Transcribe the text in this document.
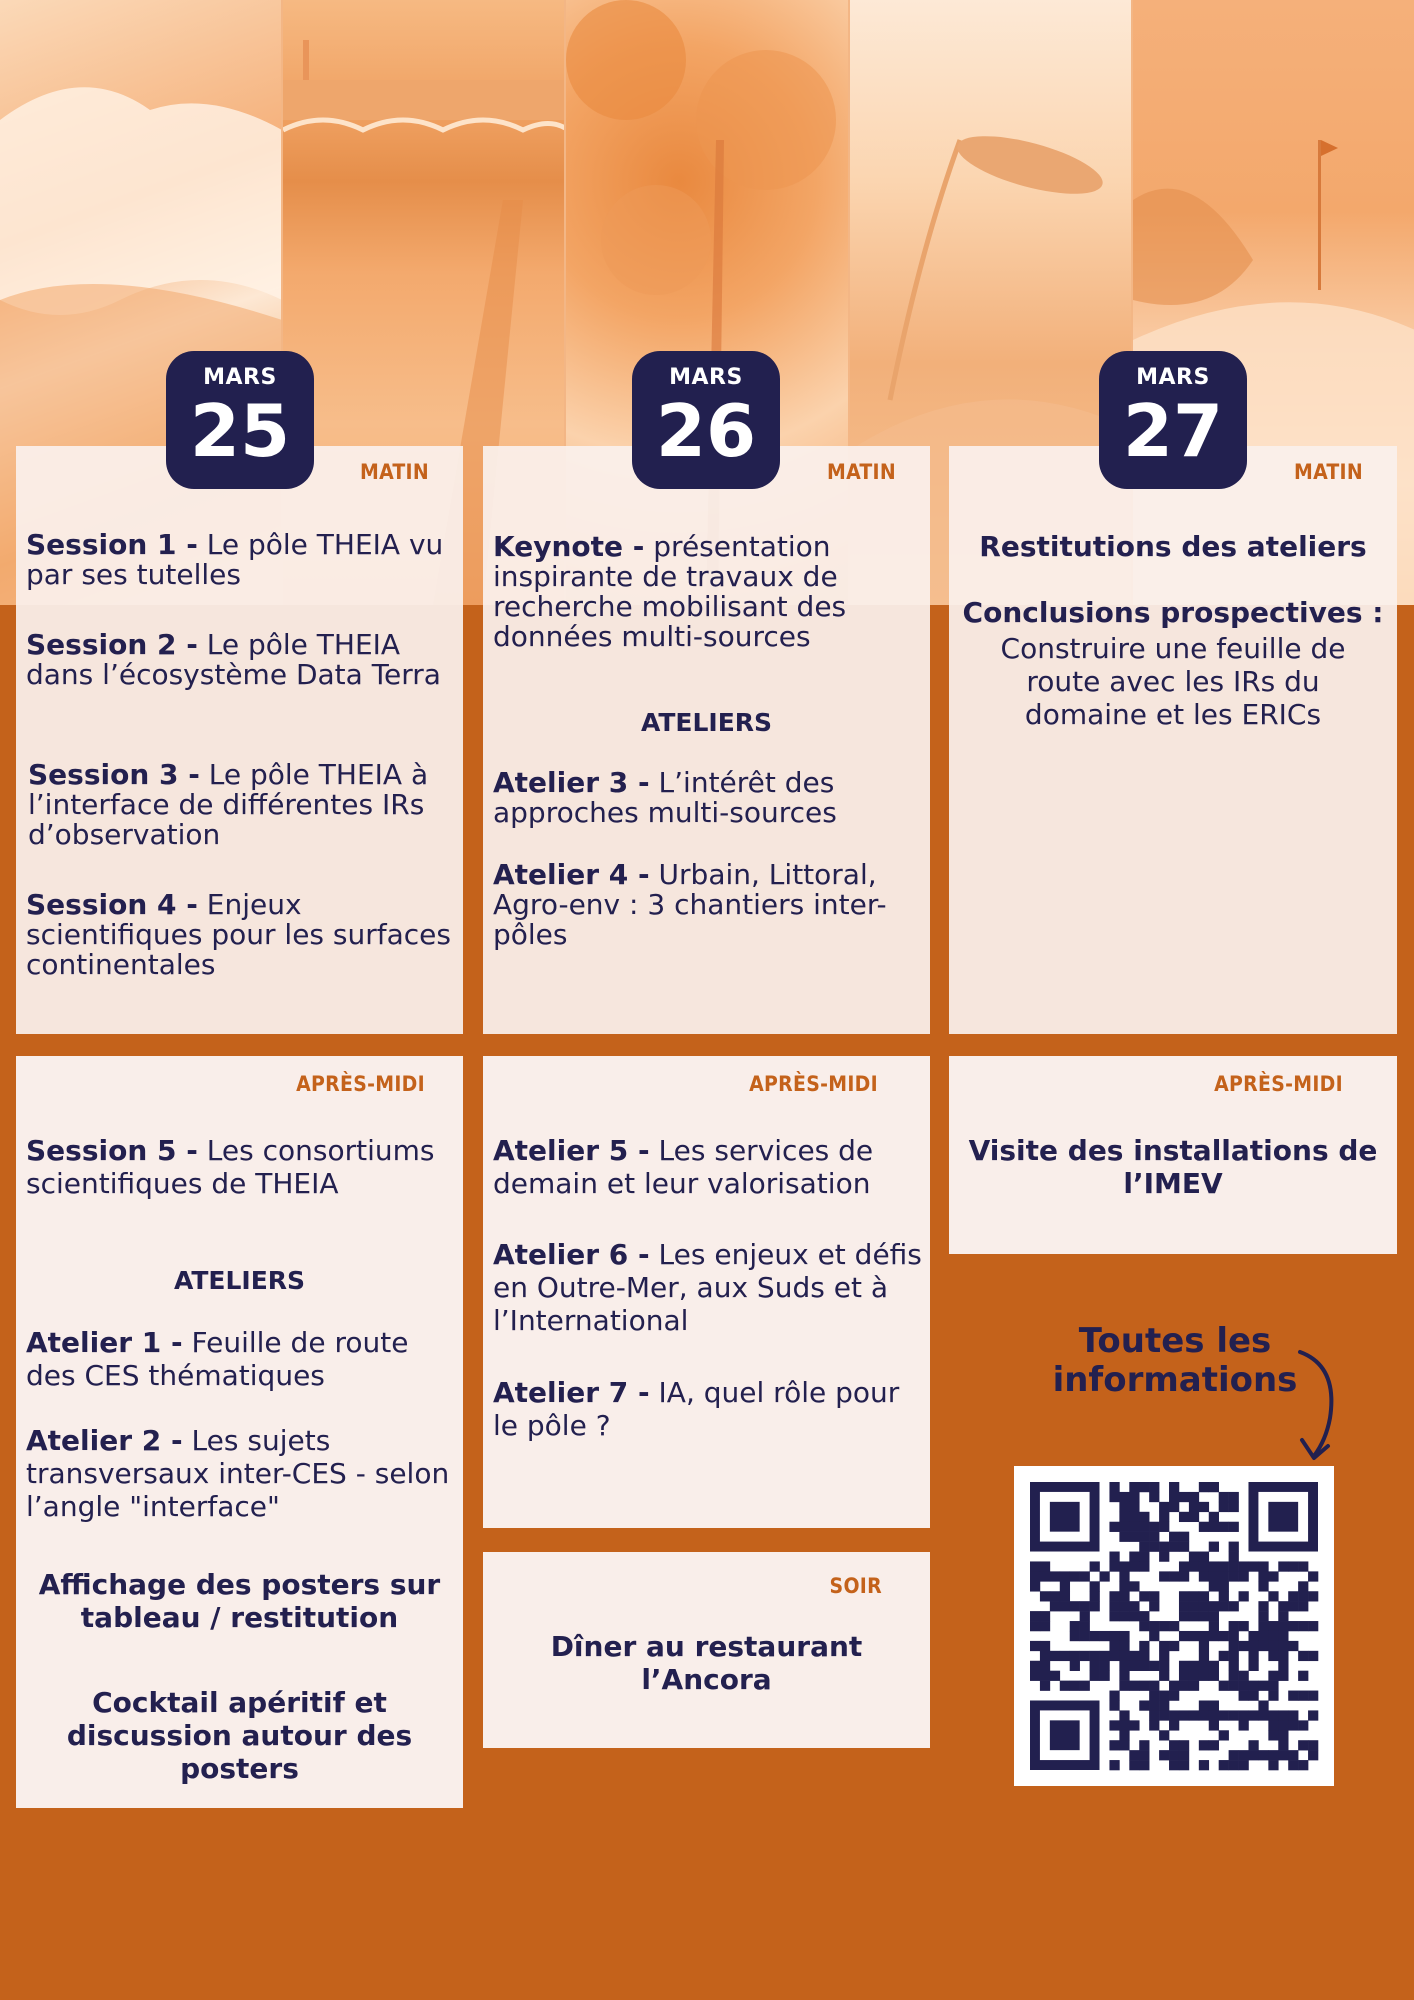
MATIN
Session 1 - Le pôle THEIA vu par ses tutelles
Session 2 - Le pôle THEIA dans l’écosystème Data Terra
Session 3 - Le pôle THEIA à l’interface de différentes IRs d’observation
Session 4 - Enjeux scientifiques pour les surfaces continentales
MATIN
Keynote - présentation inspirante de travaux de recherche mobilisant des données multi-sources
ATELIERS
Atelier 3 - L’intérêt des approches multi-sources
Atelier 4 - Urbain, Littoral, Agro-env : 3 chantiers inter-pôles
MATIN
Restitutions des ateliers
Conclusions prospectives :
Construire une feuille de route avec les IRs du domaine et les ERICs
MARS
25
MARS
26
MARS
27
APRÈS-MIDI
Session 5 - Les consortiums scientifiques de THEIA
ATELIERS
Atelier 1 - Feuille de route des CES thématiques
Atelier 2 - Les sujets transversaux inter-CES - selon l’angle "interface"
Affichage des posters sur tableau / restitution
Cocktail apéritif et discussion autour des posters
APRÈS-MIDI
Atelier 5 - Les services de demain et leur valorisation
Atelier 6 - Les enjeux et défis en Outre-Mer, aux Suds et à l’International
Atelier 7 - IA, quel rôle pour le pôle ?
SOIR
Dîner au restaurant l’Ancora
APRÈS-MIDI
Visite des installations de l’IMEV
Toutes les informations
